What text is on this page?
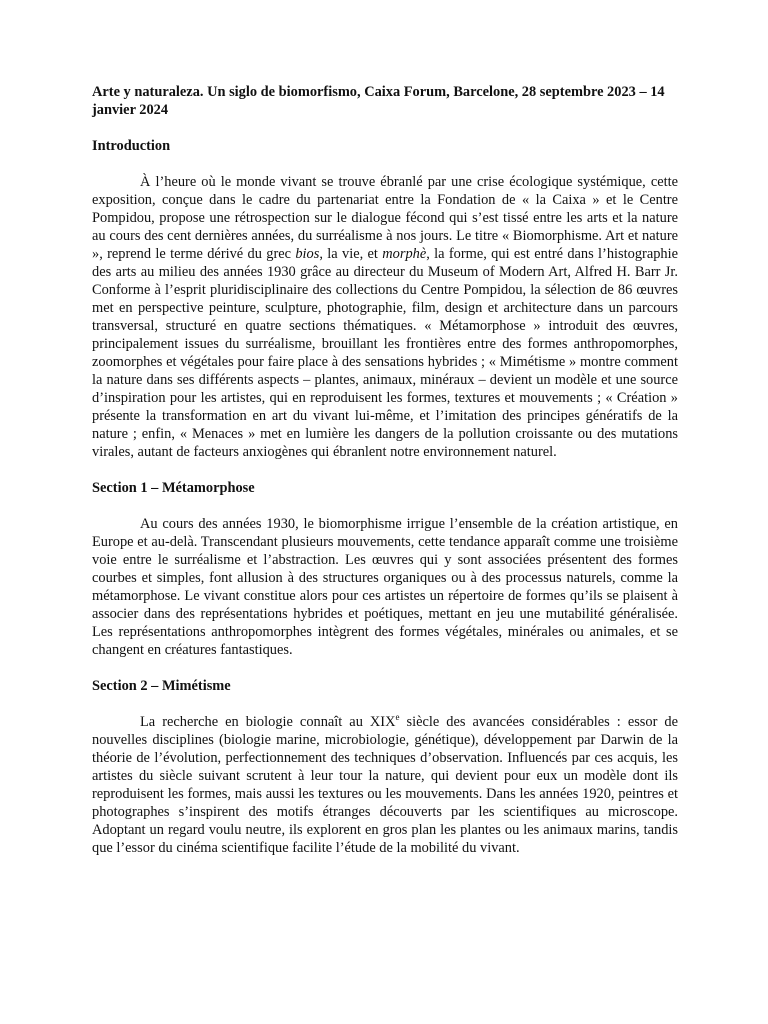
Arte y naturaleza. Un siglo de biomorfismo, Caixa Forum, Barcelone, 28 septembre 2023 – 14 janvier 2024

Introduction

À l’heure où le monde vivant se trouve ébranlé par une crise écologique systémique, cette exposition, conçue dans le cadre du partenariat entre la Fondation de « la Caixa » et le Centre Pompidou, propose une rétrospection sur le dialogue fécond qui s’est tissé entre les arts et la nature au cours des cent dernières années, du surréalisme à nos jours. Le titre « Biomorphisme. Art et nature », reprend le terme dérivé du grec bios, la vie, et morphè, la forme, qui est entré dans l’histographie des arts au milieu des années 1930 grâce au directeur du Museum of Modern Art, Alfred H. Barr Jr. Conforme à l’esprit pluridisciplinaire des collections du Centre Pompidou, la sélection de 86 œuvres met en perspective peinture, sculpture, photographie, film, design et architecture dans un parcours transversal, structuré en quatre sections thématiques. « Métamorphose » introduit des œuvres, principalement issues du surréalisme, brouillant les frontières entre des formes anthropomorphes, zoomorphes et végétales pour faire place à des sensations hybrides ; « Mimétisme » montre comment la nature dans ses différents aspects – plantes, animaux, minéraux – devient un modèle et une source d’inspiration pour les artistes, qui en reproduisent les formes, textures et mouvements ; « Création » présente la transformation en art du vivant lui-même, et l’imitation des principes génératifs de la nature ; enfin, « Menaces » met en lumière les dangers de la pollution croissante ou des mutations virales, autant de facteurs anxiogènes qui ébranlent notre environnement naturel.

Section 1 – Métamorphose

Au cours des années 1930, le biomorphisme irrigue l’ensemble de la création artistique, en Europe et au-delà. Transcendant plusieurs mouvements, cette tendance apparaît comme une troisième voie entre le surréalisme et l’abstraction. Les œuvres qui y sont associées présentent des formes courbes et simples, font allusion à des structures organiques ou à des processus naturels, comme la métamorphose. Le vivant constitue alors pour ces artistes un répertoire de formes qu’ils se plaisent à associer dans des représentations hybrides et poétiques, mettant en jeu une mutabilité généralisée. Les représentations anthropomorphes intègrent des formes végétales, minérales ou animales, et se changent en créatures fantastiques.

Section 2 – Mimétisme

La recherche en biologie connaît au XIXe siècle des avancées considérables : essor de nouvelles disciplines (biologie marine, microbiologie, génétique), développement par Darwin de la théorie de l’évolution, perfectionnement des techniques d’observation. Influencés par ces acquis, les artistes du siècle suivant scrutent à leur tour la nature, qui devient pour eux un modèle dont ils reproduisent les formes, mais aussi les textures ou les mouvements. Dans les années 1920, peintres et photographes s’inspirent des motifs étranges découverts par les scientifiques au microscope. Adoptant un regard voulu neutre, ils explorent en gros plan les plantes ou les animaux marins, tandis que l’essor du cinéma scientifique facilite l’étude de la mobilité du vivant.
